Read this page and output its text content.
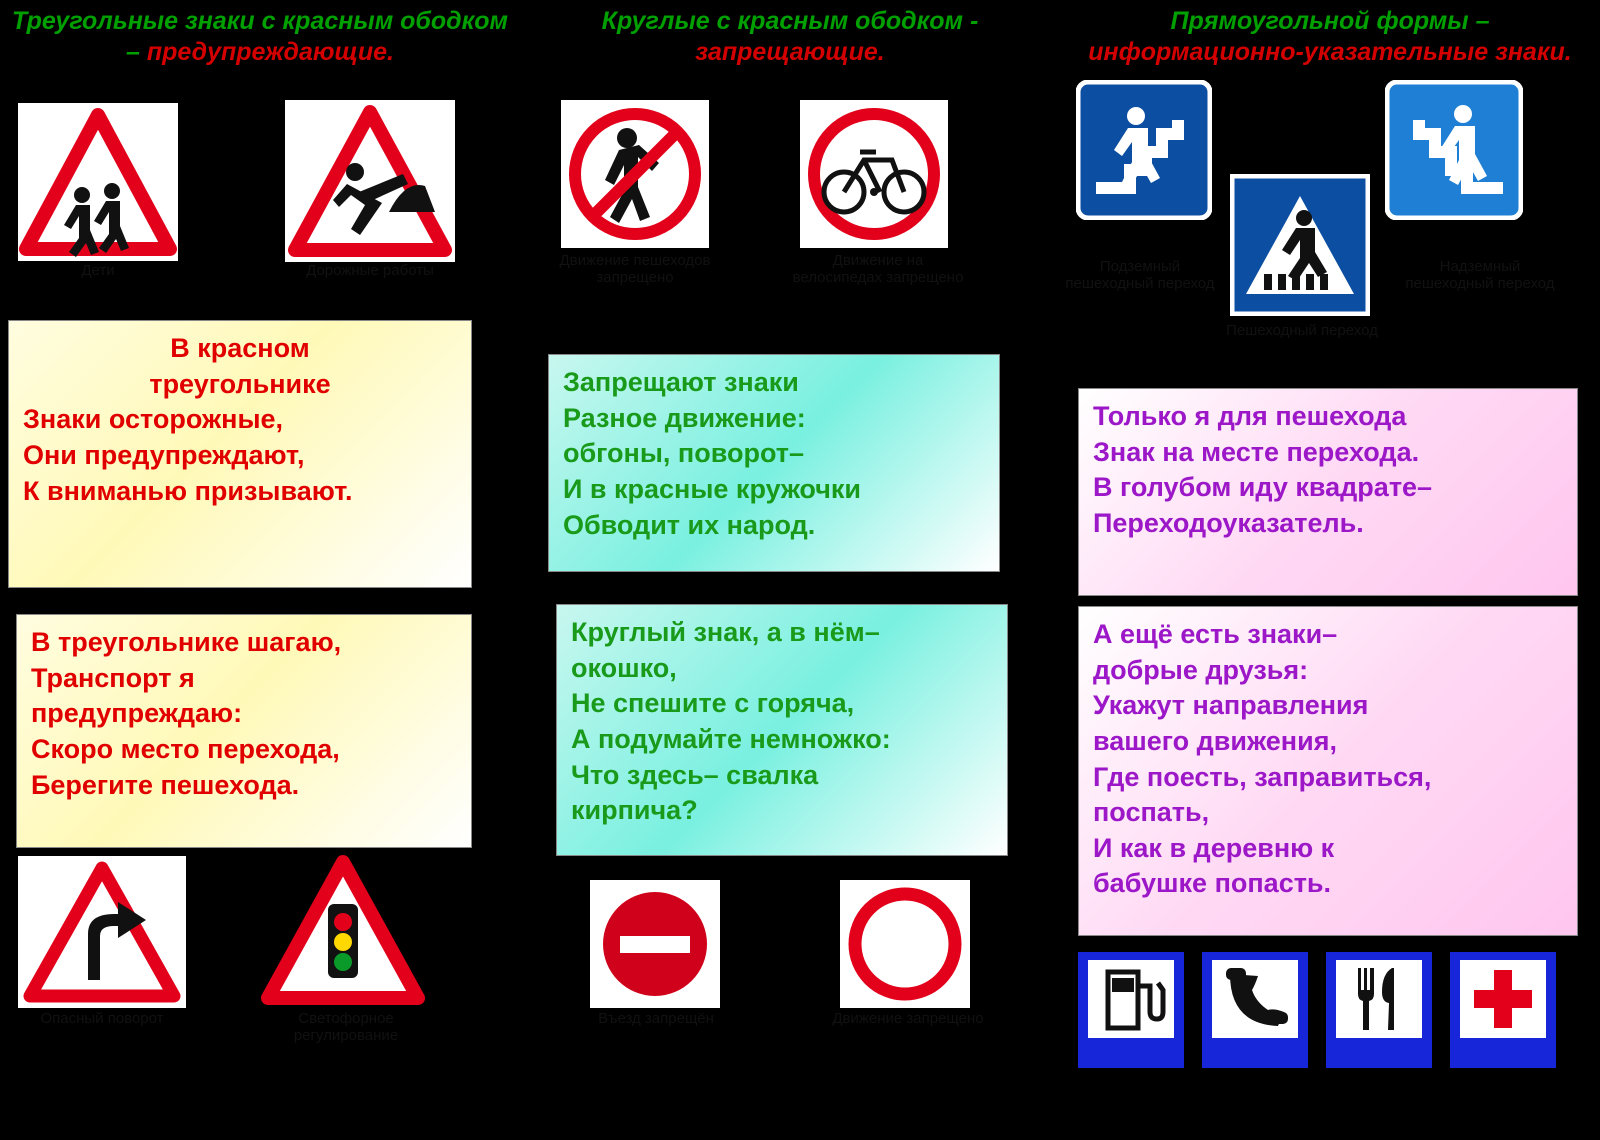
Треугольные знаки с красным ободком – предупреждающие.
Дети	Дорожные работы
В красном
треугольнике
Знаки осторожные,
Они предупреждают,
К вниманью призывают.
В треугольнике шагаю,
Транспорт я
предупреждаю:
Скоро место перехода,
Берегите пешехода.
Опасный поворот	Светофорное регулирование
Круглые с красным ободком - запрещающие.
Движение пешеходов запрещено
Движение на велосипедах запрещено
Запрещают знаки
Разное движение:
обгоны, поворот–
И в красные кружочки
Обводит их народ.
Круглый знак, а в нём–
окошко,
Не спешите с горяча,
А подумайте немножко:
Что здесь– свалка
кирпича?
Въезд запрещён	Движение запрещено
Прямоугольной формы – информационно-указательные знаки.
Подземный пешеходный переход
Надземный пешеходный переход
Пешеходный переход
Только я для пешехода
Знак на месте перехода.
В голубом иду квадрате–
Переходоуказатель.
А ещё есть знаки–
добрые друзья:
Укажут направления
вашего движения,
Где поесть, заправиться,
поспать,
И как в деревню к
бабушке попасть.
